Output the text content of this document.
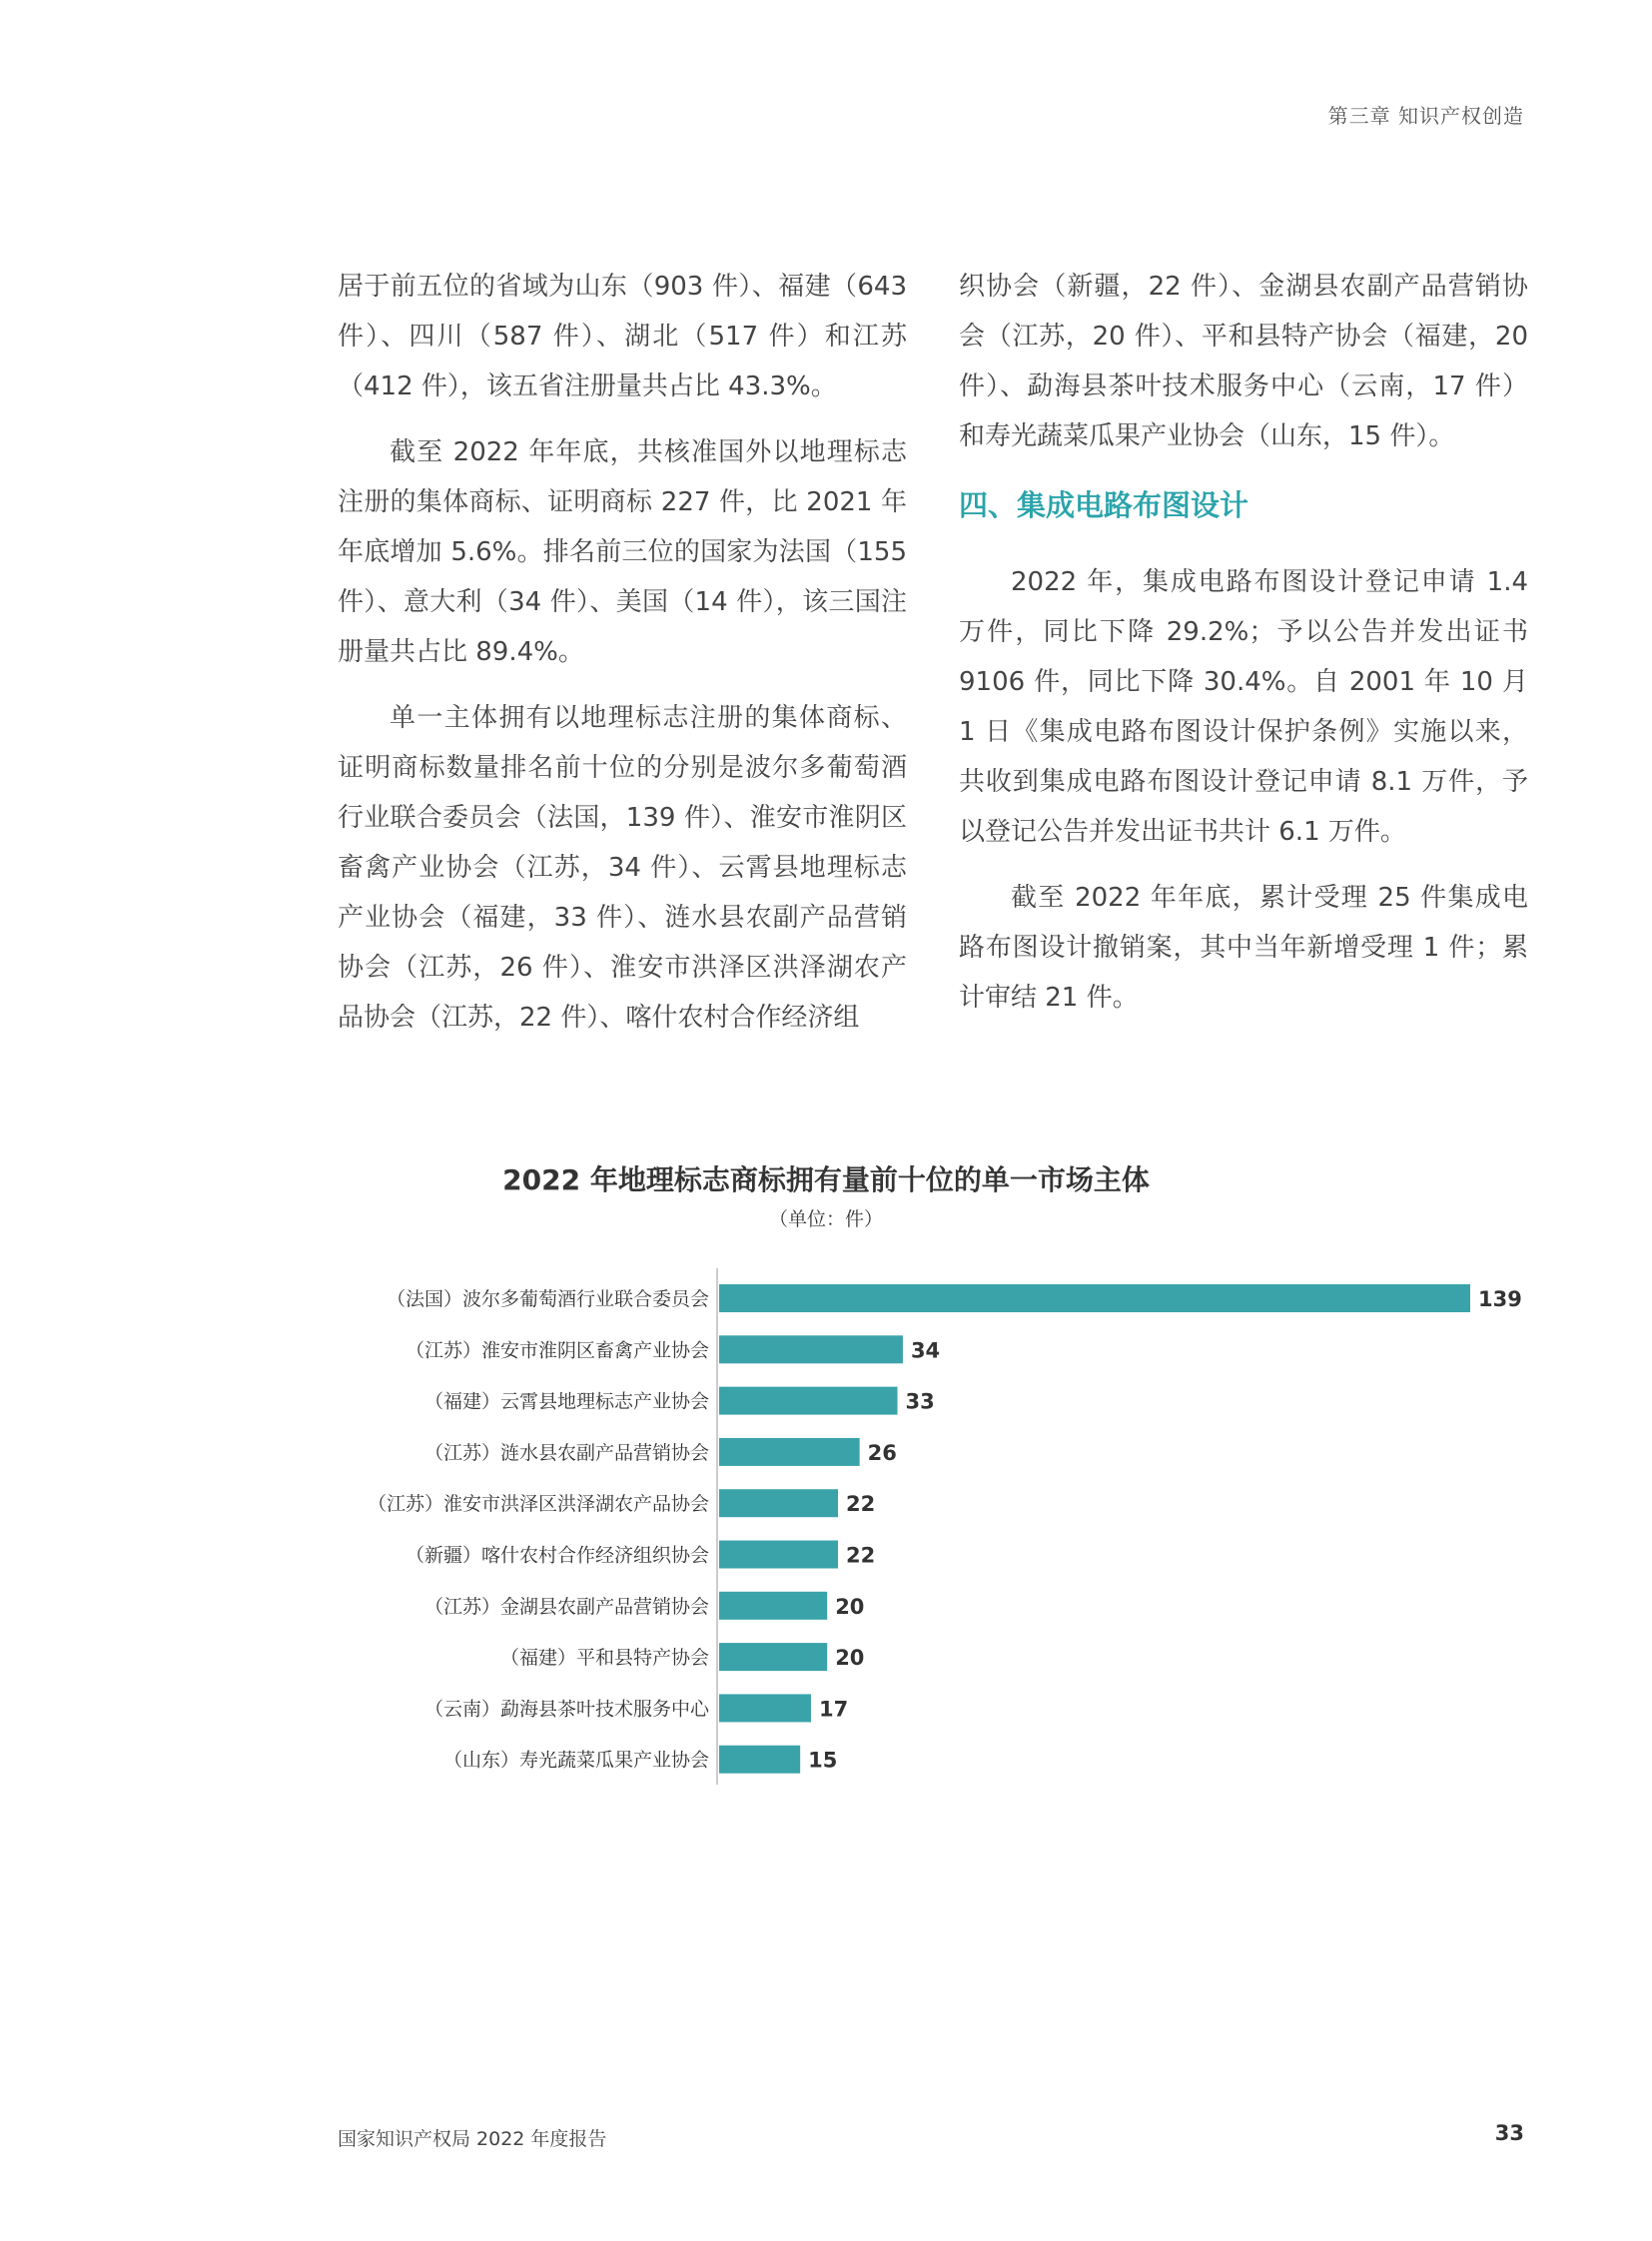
第三章 知识产权创造

居于前五位的省域为山东（903 件）、福建（643 件）、四川（587 件）、湖北（517 件）和江苏（412 件），该五省注册量共占比 43.3%。

截至 2022 年年底，共核准国外以地理标志注册的集体商标、证明商标 227 件，比 2021 年年底增加 5.6%。排名前三位的国家为法国（155 件）、意大利（34 件）、美国（14 件），该三国注册量共占比 89.4%。

单一主体拥有以地理标志注册的集体商标、证明商标数量排名前十位的分别是波尔多葡萄酒行业联合委员会（法国，139 件）、淮安市淮阴区畜禽产业协会（江苏，34 件）、云霄县地理标志产业协会（福建，33 件）、涟水县农副产品营销协会（江苏，26 件）、淮安市洪泽区洪泽湖农产品协会（江苏，22 件）、喀什农村合作经济组

织协会（新疆，22 件）、金湖县农副产品营销协会（江苏，20 件）、平和县特产协会（福建，20 件）、勐海县茶叶技术服务中心（云南，17 件）和寿光蔬菜瓜果产业协会（山东，15 件）。

四、集成电路布图设计

2022 年，集成电路布图设计登记申请 1.4 万件，同比下降 29.2%；予以公告并发出证书 9106 件，同比下降 30.4%。自 2001 年 10 月 1 日《集成电路布图设计保护条例》实施以来，共收到集成电路布图设计登记申请 8.1 万件，予以登记公告并发出证书共计 6.1 万件。

截至 2022 年年底，累计受理 25 件集成电路布图设计撤销案，其中当年新增受理 1 件；累计审结 21 件。

2022 年地理标志商标拥有量前十位的单一市场主体
（单位：件）
（法国）波尔多葡萄酒行业联合委员会	139
（江苏）淮安市淮阴区畜禽产业协会	34
（福建）云霄县地理标志产业协会	33
（江苏）涟水县农副产品营销协会	26
（江苏）淮安市洪泽区洪泽湖农产品协会	22
（新疆）喀什农村合作经济组织协会	22
（江苏）金湖县农副产品营销协会	20
（福建）平和县特产协会	20
（云南）勐海县茶叶技术服务中心	17
（山东）寿光蔬菜瓜果产业协会	15
国家知识产权局 2022 年度报告	33
